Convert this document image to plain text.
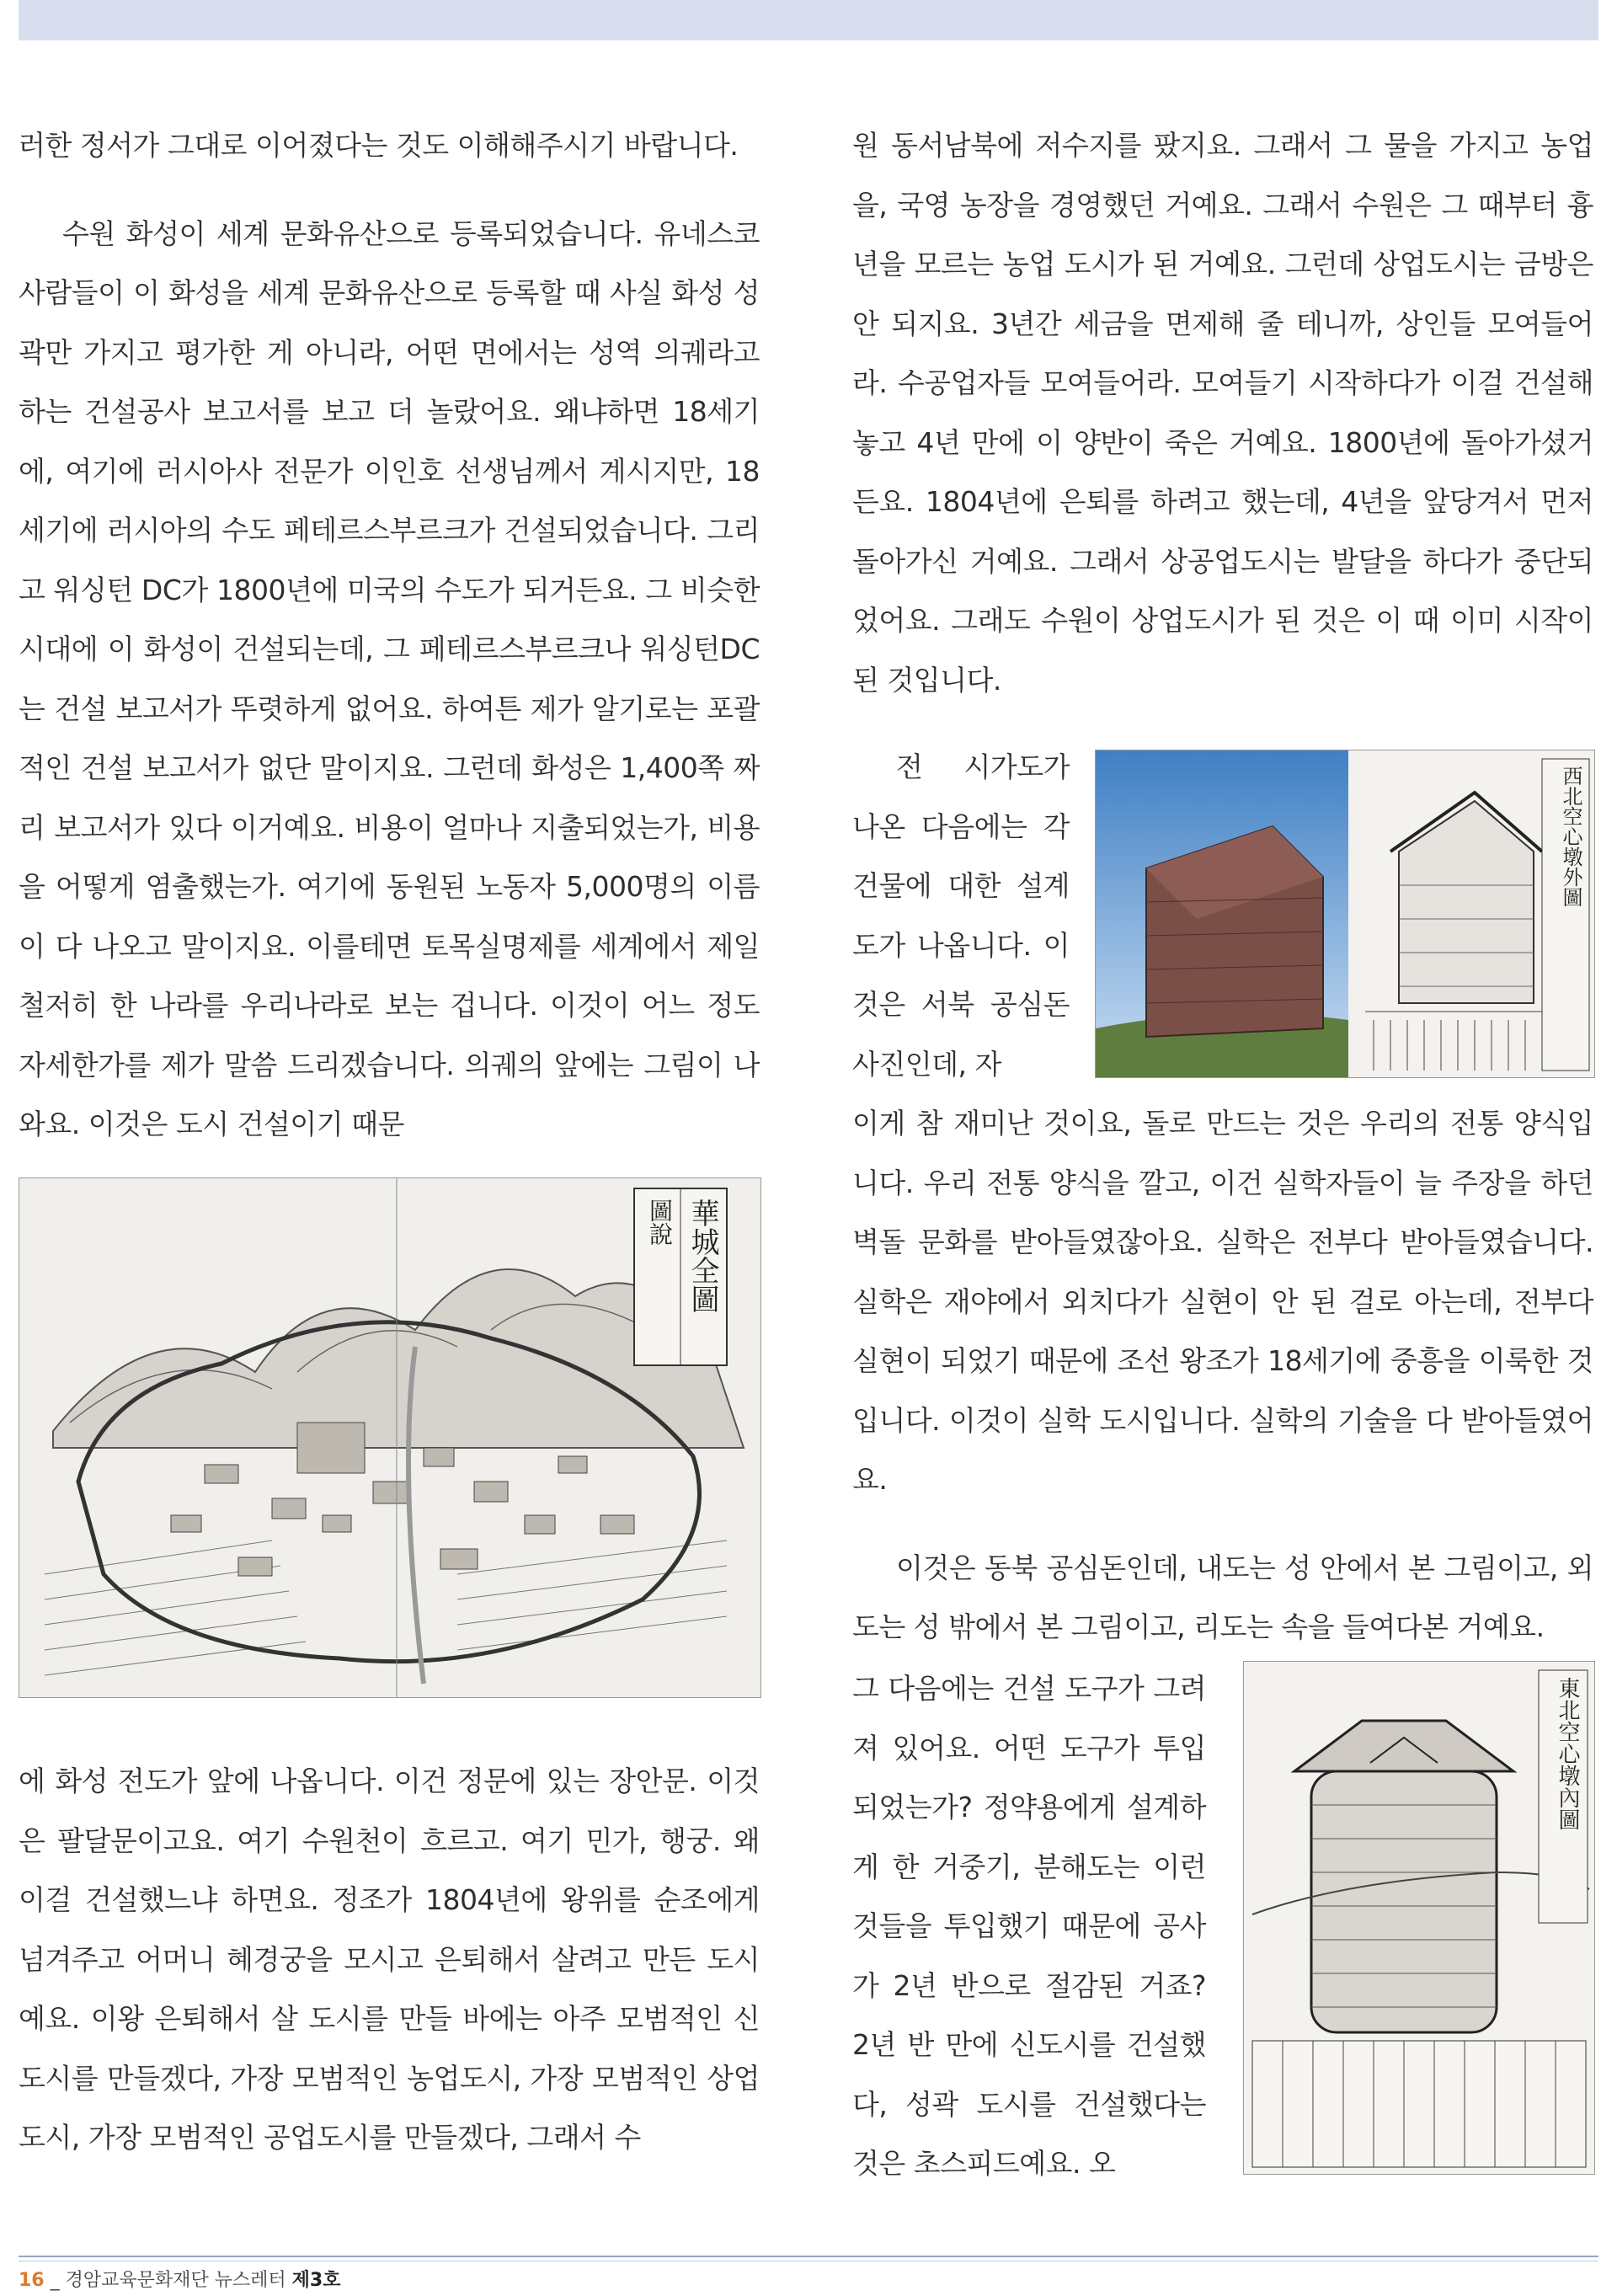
러한 정서가 그대로 이어졌다는 것도 이해해주시기 바랍니다.

수원 화성이 세계 문화유산으로 등록되었습니다. 유네스코 사람들이 이 화성을 세계 문화유산으로 등록할 때 사실 화성 성곽만 가지고 평가한 게 아니라, 어떤 면에서는 성역 의궤라고 하는 건설공사 보고서를 보고 더 놀랐어요. 왜냐하면 18세기에, 여기에 러시아사 전문가 이인호 선생님께서 계시지만, 18세기에 러시아의 수도 페테르스부르크가 건설되었습니다. 그리고 워싱턴 DC가 1800년에 미국의 수도가 되거든요. 그 비슷한 시대에 이 화성이 건설되는데, 그 페테르스부르크나 워싱턴DC는 건설 보고서가 뚜렷하게 없어요. 하여튼 제가 알기로는 포괄적인 건설 보고서가 없단 말이지요. 그런데 화성은 1,400쪽 짜리 보고서가 있다 이거예요. 비용이 얼마나 지출되었는가, 비용을 어떻게 염출했는가. 여기에 동원된 노동자 5,000명의 이름이 다 나오고 말이지요. 이를테면 토목실명제를 세계에서 제일 철저히 한 나라를 우리나라로 보는 겁니다. 이것이 어느 정도 자세한가를 제가 말씀 드리겠습니다. 의궤의 앞에는 그림이 나와요. 이것은 도시 건설이기 때문

華城全圖
圖說

에 화성 전도가 앞에 나옵니다. 이건 정문에 있는 장안문. 이것은 팔달문이고요. 여기 수원천이 흐르고. 여기 민가, 행궁. 왜 이걸 건설했느냐 하면요. 정조가 1804년에 왕위를 순조에게 넘겨주고 어머니 혜경궁을 모시고 은퇴해서 살려고 만든 도시예요. 이왕 은퇴해서 살 도시를 만들 바에는 아주 모범적인 신도시를 만들겠다, 가장 모범적인 농업도시, 가장 모범적인 상업도시, 가장 모범적인 공업도시를 만들겠다, 그래서 수

원 동서남북에 저수지를 팠지요. 그래서 그 물을 가지고 농업을, 국영 농장을 경영했던 거예요. 그래서 수원은 그 때부터 흉년을 모르는 농업 도시가 된 거예요. 그런데 상업도시는 금방은 안 되지요. 3년간 세금을 면제해 줄 테니까, 상인들 모여들어라. 수공업자들 모여들어라. 모여들기 시작하다가 이걸 건설해놓고 4년 만에 이 양반이 죽은 거예요. 1800년에 돌아가셨거든요. 1804년에 은퇴를 하려고 했는데, 4년을 앞당겨서 먼저 돌아가신 거예요. 그래서 상공업도시는 발달을 하다가 중단되었어요. 그래도 수원이 상업도시가 된 것은 이 때 이미 시작이 된 것입니다.

전 시가도가 나온 다음에는 각 건물에 대한 설계도가 나옵니다. 이것은 서북 공심돈 사진인데, 자

西北空心墩外圖

이게 참 재미난 것이요, 돌로 만드는 것은 우리의 전통 양식입니다. 우리 전통 양식을 깔고, 이건 실학자들이 늘 주장을 하던 벽돌 문화를 받아들였잖아요. 실학은 전부다 받아들였습니다. 실학은 재야에서 외치다가 실현이 안 된 걸로 아는데, 전부다 실현이 되었기 때문에 조선 왕조가 18세기에 중흥을 이룩한 것입니다. 이것이 실학 도시입니다. 실학의 기술을 다 받아들였어요.

이것은 동북 공심돈인데, 내도는 성 안에서 본 그림이고, 외도는 성 밖에서 본 그림이고, 리도는 속을 들여다본 거예요.

그 다음에는 건설 도구가 그려져 있어요. 어떤 도구가 투입되었는가? 정약용에게 설계하게 한 거중기, 분해도는 이런 것들을 투입했기 때문에 공사가 2년 반으로 절감된 거죠? 2년 반 만에 신도시를 건설했다, 성곽 도시를 건설했다는 것은 초스피드예요. 오

東北空心墩內圖
16 _ 경암교육문화재단 뉴스레터 제3호
